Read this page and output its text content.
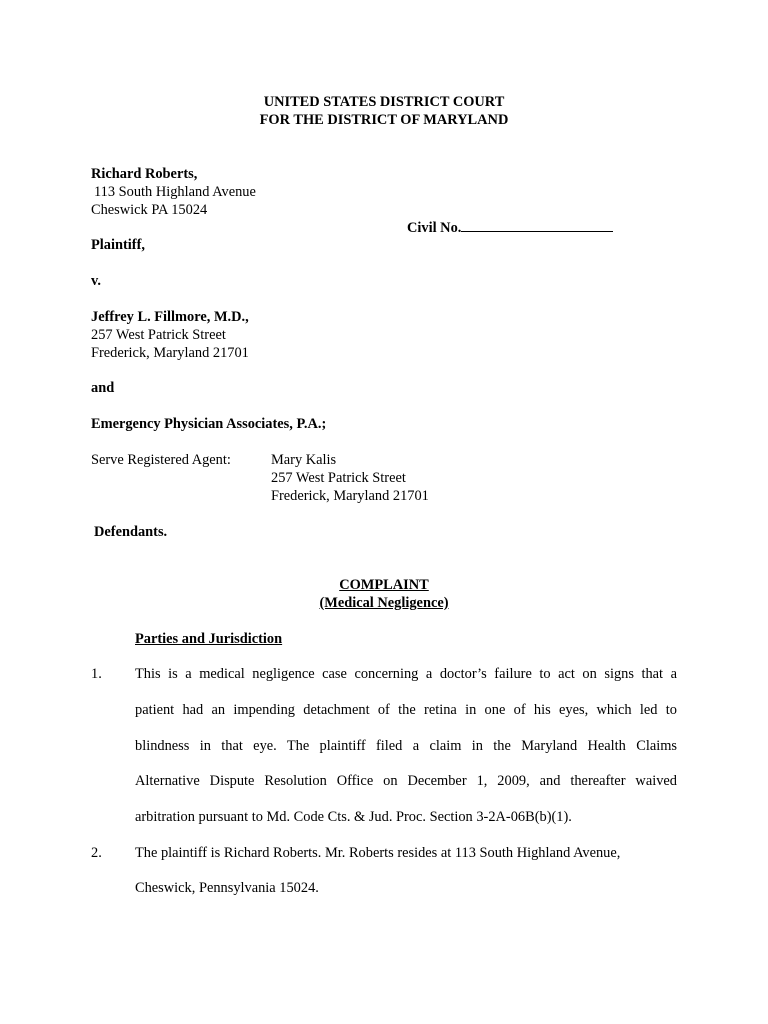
UNITED STATES DISTRICT COURT
FOR THE DISTRICT OF MARYLAND
Richard Roberts,
113 South Highland Avenue
Cheswick PA 15024
Civil No.
Plaintiff,
v.
Jeffrey L. Fillmore, M.D.,
257 West Patrick Street
Frederick, Maryland 21701
and
Emergency Physician Associates, P.A.;
Serve Registered Agent:	Mary Kalis
257 West Patrick Street
Frederick, Maryland 21701
Defendants.
COMPLAINT
(Medical Negligence)
Parties and Jurisdiction
1. This is a medical negligence case concerning a doctor’s failure to act on signs that a
patient had an impending detachment of the retina in one of his eyes, which led to
blindness in that eye. The plaintiff filed a claim in the Maryland Health Claims
Alternative Dispute Resolution Office on December 1, 2009, and thereafter waived
arbitration pursuant to Md. Code Cts. & Jud. Proc. Section 3-2A-06B(b)(1).
2. The plaintiff is Richard Roberts. Mr. Roberts resides at 113 South Highland Avenue,
Cheswick, Pennsylvania 15024.
